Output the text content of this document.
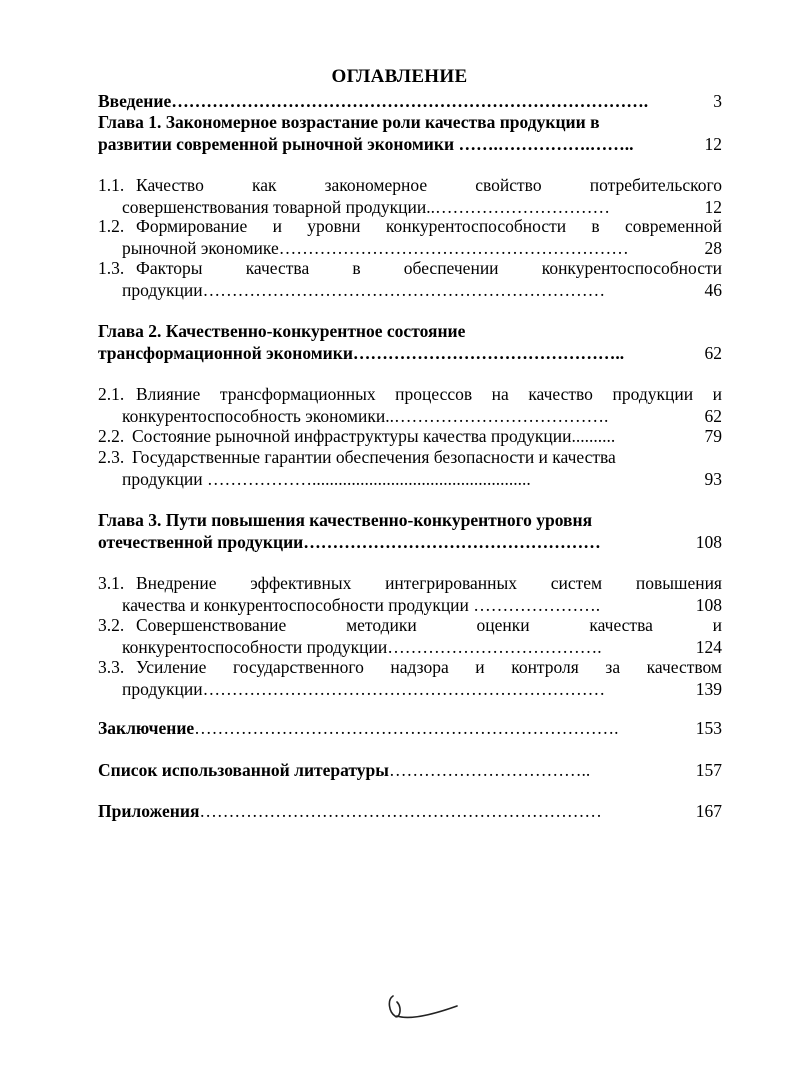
ОГЛАВЛЕНИЕ
Введение……………………………………………………………………….	3
Глава 1. Закономерное возрастание роли качества продукции в
развитии современной рыночной экономики …….…………….……..	12
1.1. Качество как закономерное свойство потребительского
совершенствования товарной продукции..…………………………	12
1.2. Формирование и уровни конкурентоспособности в современной
рыночной экономике……………………………………………………	28
1.3. Факторы качества в обеспечении конкурентоспособности
продукции……………………………………………………………	46
Глава 2. Качественно-конкурентное состояние
трансформационной экономики………………………………………..	62
2.1. Влияние трансформационных процессов на качество продукции и
конкурентоспособность экономики..……………………………….	62
2.2. Состояние рыночной инфраструктуры качества продукции..........	79
2.3. Государственные гарантии обеспечения безопасности и качества
продукции ………………..................................................	93
Глава 3. Пути повышения качественно-конкурентного уровня
отечественной продукции……………………………………………	108
3.1. Внедрение эффективных интегрированных систем повышения
качества и конкурентоспособности продукции ………………….	108
3.2. Совершенствование методики оценки качества и
конкурентоспособности продукции……………………………….	124
3.3. Усиление государственного надзора и контроля за качеством
продукции……………………………………………………………	139
Заключение……………………………………………………………….	153
Список использованной литературы……………………………..	157
Приложения……………………………………………………………	167
